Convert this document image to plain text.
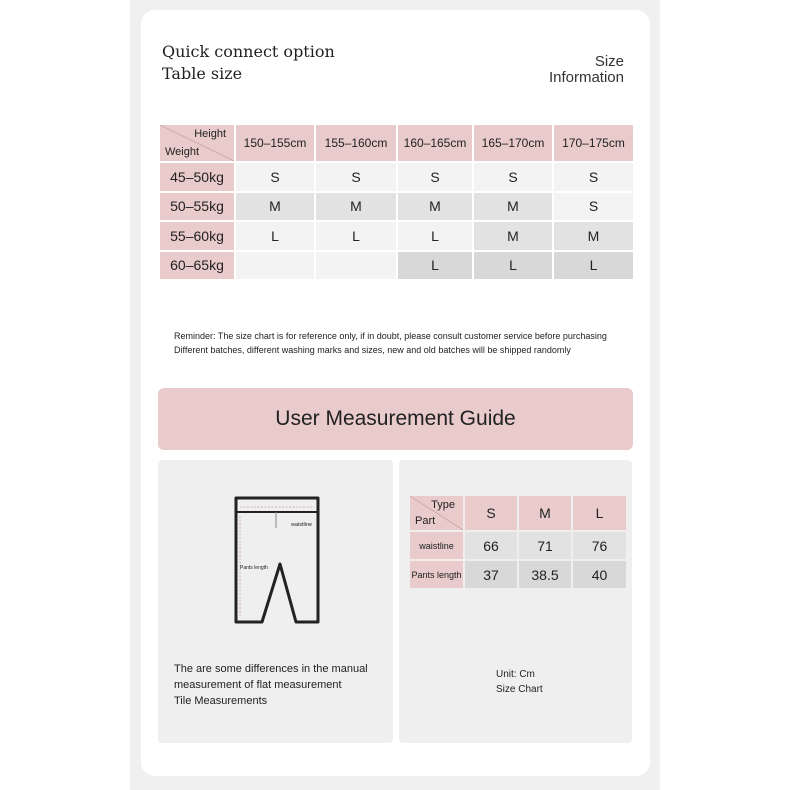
Quick connect option
Table size
Size
Information
Height
Weight	150–155cm	155–160cm	160–165cm	165–170cm	170–175cm
45–50kg	S	S	S	S	S
50–55kg	M	M	M	M	S
55–60kg	L	L	L	M	M
60–65kg			L	L	L
Reminder: The size chart is for reference only, if in doubt, please consult customer service before purchasing
Different batches, different washing marks and sizes, new and old batches will be shipped randomly
User Measurement Guide
waistline
Pants length
The are some differences in the manual
measurement of flat measurement
Tile Measurements
Type
Part	S	M	L
waistline	66	71	76
Pants length	37	38.5	40
Unit: Cm
Size Chart
